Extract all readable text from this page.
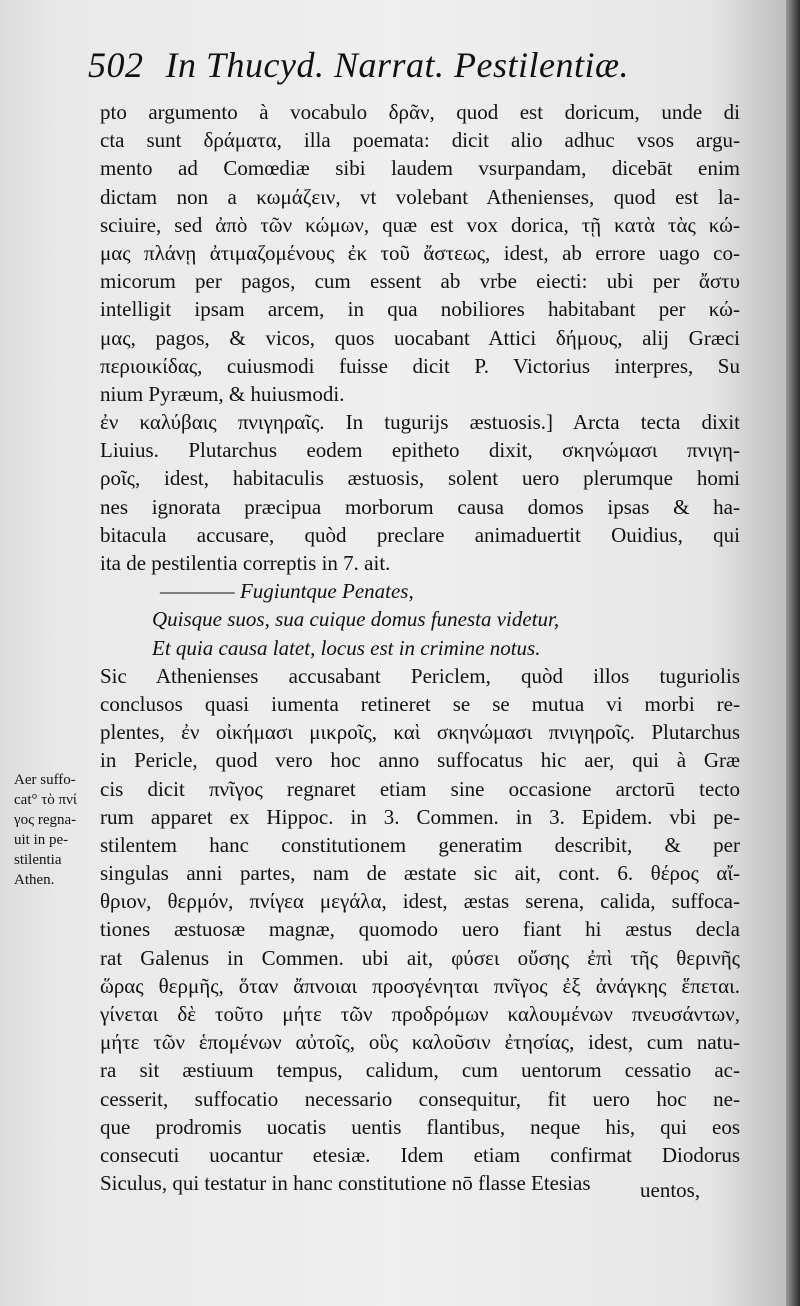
502 In Thucyd. Narrat. Pestilentiæ.
pto argumento à vocabulo δρᾶν, quod est doricum, unde di
cta sunt δράματα, illa poemata: dicit alio adhuc vsos argu-
mento ad Comœdiæ sibi laudem vsurpandam, dicebāt enim
dictam non a κωμάζειν, vt volebant Athenienses, quod est la-
sciuire, sed ἀπὸ τῶν κώμων, quæ est vox dorica, τῇ κατὰ τὰς κώ-
μας πλάνῃ ἀτιμαζομένους ἐκ τοῦ ἄστεως, idest, ab errore uago co-
micorum per pagos, cum essent ab vrbe eiecti: ubi per ἄστυ
intelligit ipsam arcem, in qua nobiliores habitabant per κώ-
μας, pagos, & vicos, quos uocabant Attici δήμους, alij Græci
περιοικίδας, cuiusmodi fuisse dicit P. Victorius interpres, Su
nium Pyræum, & huiusmodi.
ἐν καλύβαις πνιγηραῖς. In tugurijs æstuosis.] Arcta tecta dixit
Liuius. Plutarchus eodem epitheto dixit, σκηνώμασι πνιγη-
ροῖς, idest, habitaculis æstuosis, solent uero plerumque homi
nes ignorata præcipua morborum causa domos ipsas & ha-
bitacula accusare, quòd preclare animaduertit Ouidius, qui
ita de pestilentia correptis in 7. ait.
———— Fugiuntque Penates,
Quisque suos, sua cuique domus funesta videtur,
Et quia causa latet, locus est in crimine notus.
Sic Athenienses accusabant Periclem, quòd illos tuguriolis
conclusos quasi iumenta retineret se se mutua vi morbi re-
plentes, ἐν οἰκήμασι μικροῖς, καὶ σκηνώμασι πνιγηροῖς. Plutarchus
in Pericle, quod vero hoc anno suffocatus hic aer, qui à Græ
cis dicit πνῖγος regnaret etiam sine occasione arctorū tecto
rum apparet ex Hippoc. in 3. Commen. in 3. Epidem. vbi pe-
stilentem hanc constitutionem generatim describit, & per
singulas anni partes, nam de æstate sic ait, cont. 6. θέρος αἴ-
θριον, θερμόν, πνίγεα μεγάλα, idest, æstas serena, calida, suffoca-
tiones æstuosæ magnæ, quomodo uero fiant hi æstus decla
rat Galenus in Commen. ubi ait, φύσει οὔσης ἐπὶ τῆς θερινῆς
ὥρας θερμῆς, ὅταν ἄπνοιαι προσγένηται πνῖγος ἐξ ἀνάγκης ἕπεται.
γίνεται δὲ τοῦτο μήτε τῶν προδρόμων καλουμένων πνευσάντων,
μήτε τῶν ἑπομένων αὐτοῖς, οὓς καλοῦσιν ἐτησίας, idest, cum natu-
ra sit æstiuum tempus, calidum, cum uentorum cessatio ac-
cesserit, suffocatio necessario consequitur, fit uero hoc ne-
que prodromis uocatis uentis flantibus, neque his, qui eos
consecuti uocantur etesiæ. Idem etiam confirmat Diodorus
Siculus, qui testatur in hanc constitutione nō flasse Etesias
Aer suffo-
cat° τὸ πνί
γος regna-
uit in pe-
stilentia
Athen.
uentos,
